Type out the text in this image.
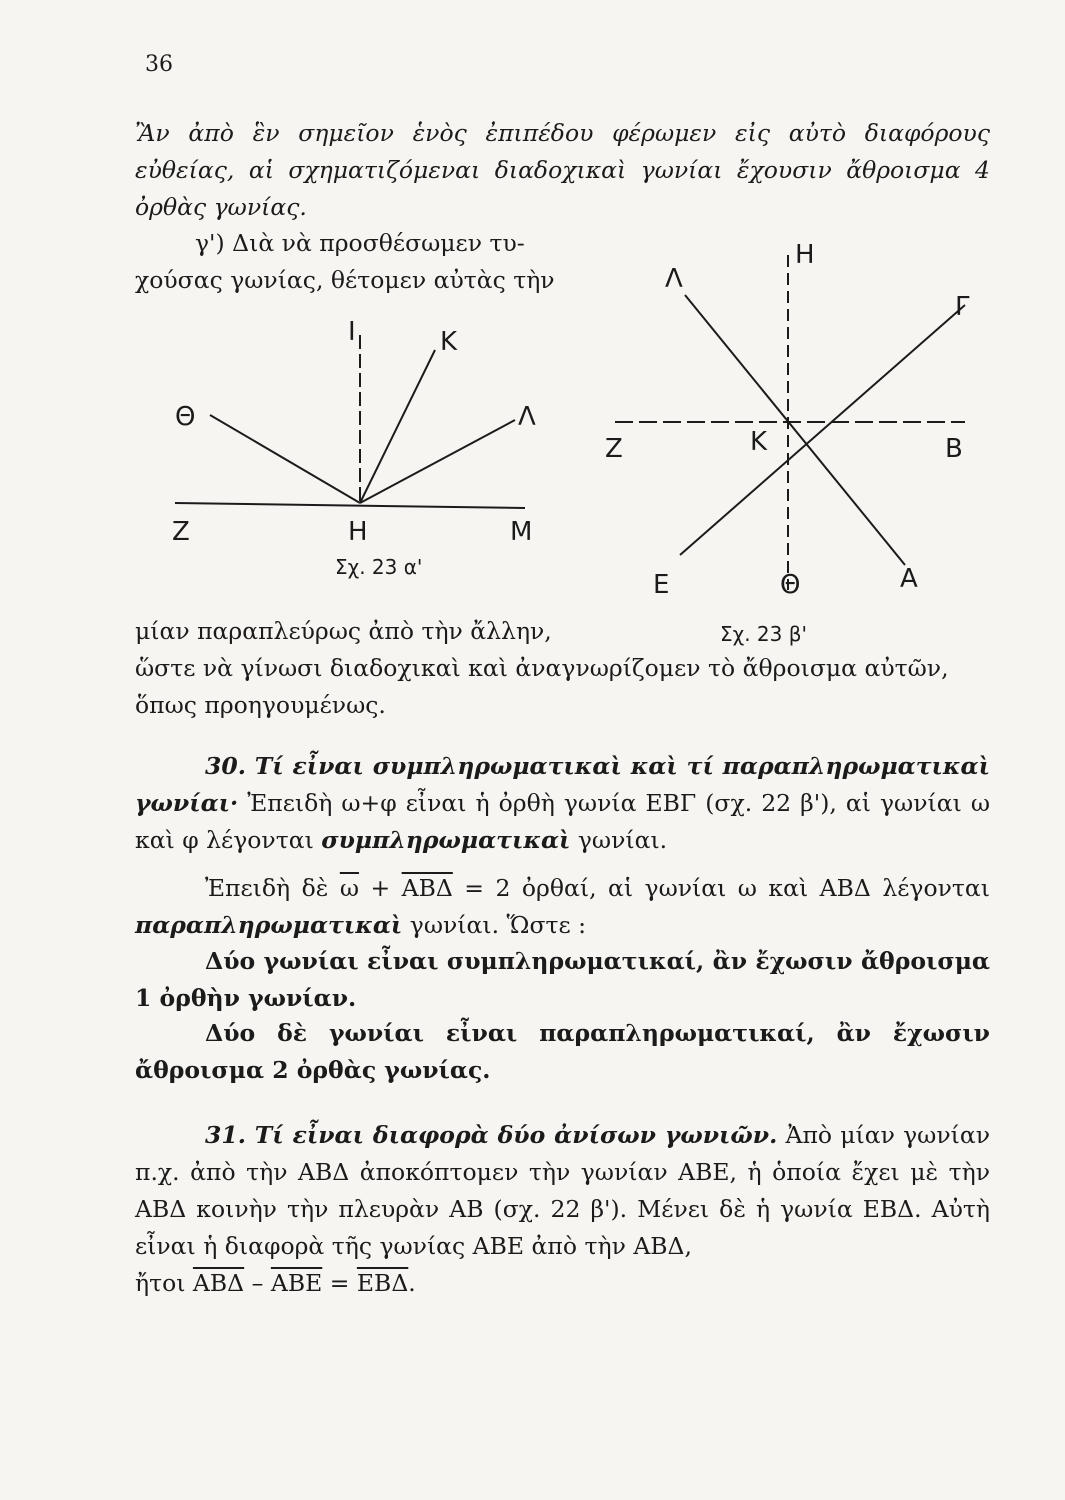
36
Ἂν ἀπὸ ἓν σημεῖον ἑνὸς ἐπιπέδου φέρωμεν εἰς αὐτὸ διαφόρους εὐθείας, αἱ σχηματιζόμεναι διαδοχικαὶ γωνίαι ἔχουσιν ἄθροισμα 4 ὀρθὰς γωνίας.
γ') Διὰ νὰ προσθέσωμεν τυ-
χούσας γωνίας, θέτομεν αὐτὰς τὴν
Ι	Κ
Θ	Λ
Ζ	Η	Μ
Σχ. 23 α'
Η
Λ
Γ
Ζ	Κ	Β
Ε	Θ	Α
μίαν παραπλεύρως ἀπὸ τὴν ἄλλην,	Σχ. 23 β'
ὥστε νὰ γίνωσι διαδοχικαὶ καὶ ἀναγνωρίζομεν τὸ ἄθροισμα αὐτῶν,
ὅπως προηγουμένως.
30. Τί εἶναι συμπληρωματικαὶ καὶ τί παραπληρωματικαὶ γωνίαι· Ἐπειδὴ ω+φ εἶναι ἡ ὀρθὴ γωνία ΕΒΓ (σχ. 22 β'), αἱ γωνίαι ω καὶ φ λέγονται συμπληρωματικαὶ γωνίαι.
Ἐπειδὴ δὲ $\overline{\omega} + \overline{AB\Delta} = 2$ ὀρθαί, αἱ γωνίαι ω καὶ ΑΒΔ λέγονται παραπληρωματικαὶ γωνίαι. Ὥστε :
Δύο γωνίαι εἶναι συμπληρωματικαί, ἂν ἔχωσιν ἄθροισμα 1 ὀρθὴν γωνίαν.
Δύο δὲ γωνίαι εἶναι παραπληρωματικαί, ἂν ἔχωσιν ἄθροισμα 2 ὀρθὰς γωνίας.
31. Τί εἶναι διαφορὰ δύο ἀνίσων γωνιῶν. Ἀπὸ μίαν γωνίαν π.χ. ἀπὸ τὴν ΑΒΔ ἀποκόπτομεν τὴν γωνίαν ΑΒΕ, ἡ ὁποία ἔχει μὲ τὴν ΑΒΔ κοινὴν τὴν πλευρὰν ΑΒ (σχ. 22 β'). Μένει δὲ ἡ γωνία ΕΒΔ. Αὐτὴ εἶναι ἡ διαφορὰ τῆς γωνίας ΑΒΕ ἀπὸ τὴν ΑΒΔ,
ἤτοι $\overline{AB\Delta} - \overline{ABE} = \overline{EB\Delta}$.
